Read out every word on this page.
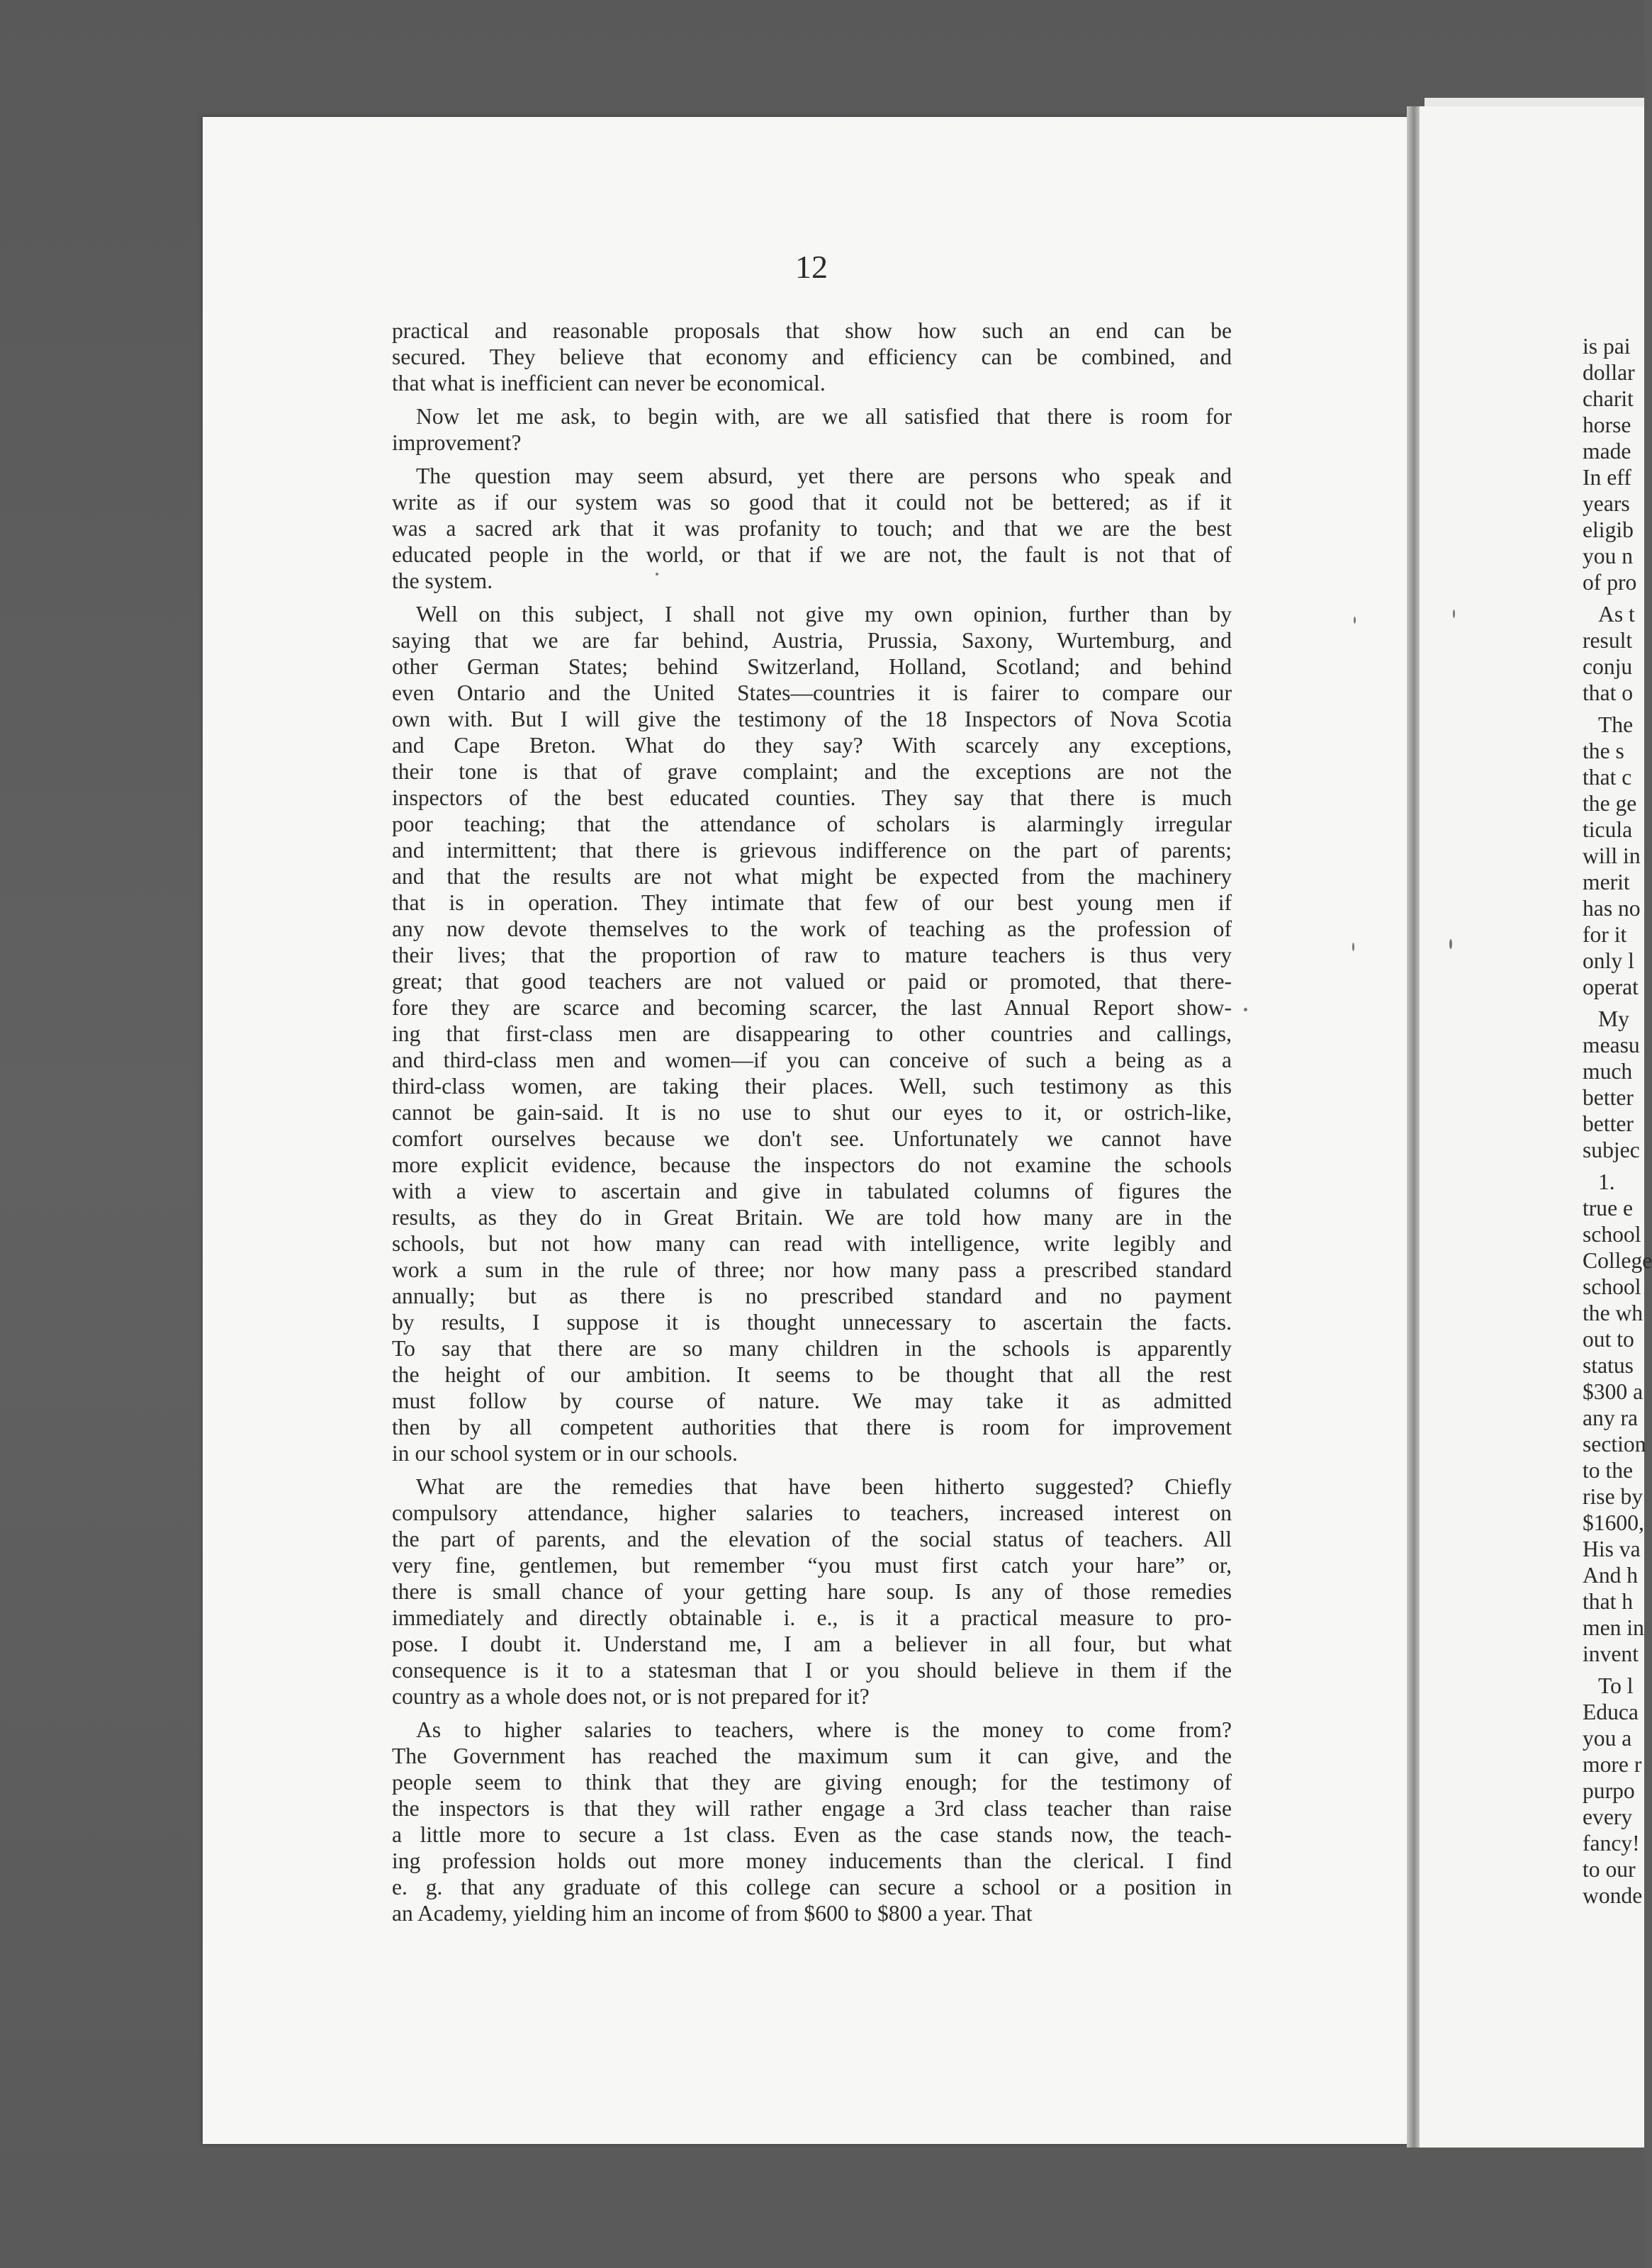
12
practical and reasonable proposals that show how such an end can be
secured. They believe that economy and efficiency can be combined, and
that what is inefficient can never be economical.
Now let me ask, to begin with, are we all satisfied that there is room for
improvement?
The question may seem absurd, yet there are persons who speak and
write as if our system was so good that it could not be bettered; as if it
was a sacred ark that it was profanity to touch; and that we are the best
educated people in the world, or that if we are not, the fault is not that of
the system.
Well on this subject, I shall not give my own opinion, further than by
saying that we are far behind, Austria, Prussia, Saxony, Wurtemburg, and
other German States; behind Switzerland, Holland, Scotland; and behind
even Ontario and the United States—countries it is fairer to compare our
own with. But I will give the testimony of the 18 Inspectors of Nova Scotia
and Cape Breton. What do they say? With scarcely any exceptions,
their tone is that of grave complaint; and the exceptions are not the
inspectors of the best educated counties. They say that there is much
poor teaching; that the attendance of scholars is alarmingly irregular
and intermittent; that there is grievous indifference on the part of parents;
and that the results are not what might be expected from the machinery
that is in operation. They intimate that few of our best young men if
any now devote themselves to the work of teaching as the profession of
their lives; that the proportion of raw to mature teachers is thus very
great; that good teachers are not valued or paid or promoted, that there-
fore they are scarce and becoming scarcer, the last Annual Report show-
ing that first-class men are disappearing to other countries and callings,
and third-class men and women—if you can conceive of such a being as a
third-class women, are taking their places. Well, such testimony as this
cannot be gain-said. It is no use to shut our eyes to it, or ostrich-like,
comfort ourselves because we don't see. Unfortunately we cannot have
more explicit evidence, because the inspectors do not examine the schools
with a view to ascertain and give in tabulated columns of figures the
results, as they do in Great Britain. We are told how many are in the
schools, but not how many can read with intelligence, write legibly and
work a sum in the rule of three; nor how many pass a prescribed standard
annually; but as there is no prescribed standard and no payment
by results, I suppose it is thought unnecessary to ascertain the facts.
To say that there are so many children in the schools is apparently
the height of our ambition. It seems to be thought that all the rest
must follow by course of nature. We may take it as admitted
then by all competent authorities that there is room for improvement
in our school system or in our schools.
What are the remedies that have been hitherto suggested? Chiefly
compulsory attendance, higher salaries to teachers, increased interest on
the part of parents, and the elevation of the social status of teachers. All
very fine, gentlemen, but remember “you must first catch your hare” or,
there is small chance of your getting hare soup. Is any of those remedies
immediately and directly obtainable i. e., is it a practical measure to pro-
pose. I doubt it. Understand me, I am a believer in all four, but what
consequence is it to a statesman that I or you should believe in them if the
country as a whole does not, or is not prepared for it?
As to higher salaries to teachers, where is the money to come from?
The Government has reached the maximum sum it can give, and the
people seem to think that they are giving enough; for the testimony of
the inspectors is that they will rather engage a 3rd class teacher than raise
a little more to secure a 1st class. Even as the case stands now, the teach-
ing profession holds out more money inducements than the clerical. I find
e. g. that any graduate of this college can secure a school or a position in
an Academy, yielding him an income of from $600 to $800 a year. That
is pai
dollar
charit
horse
made
In eff
years
eligib
you n
of pro
As t
result
conju
that o
The
the s
that c
the ge
ticula
will in
merit
has no
for it
only l
operat
My
measu
much
better
better
subjec
1.
true e
school
College
school
the wh
out to
status
$300 a
any ra
section
to the
rise by
$1600,
His va
And h
that h
men in
invent
To l
Educa
you a
more r
purpo
every
fancy!
to our
wonde
